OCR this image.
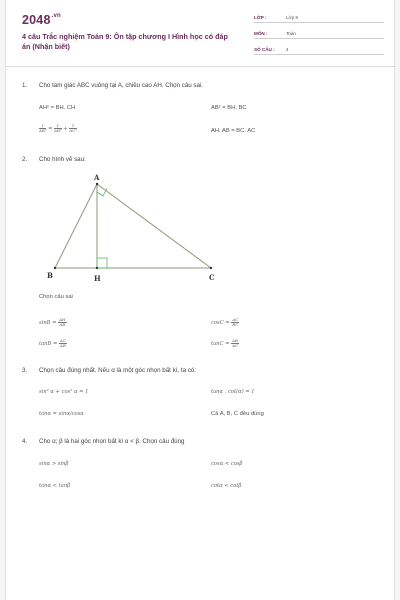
$2048^{.vn}$
4 câu Trắc nghiệm Toán 9: Ôn tập chương I Hình học có đáp án (Nhận biết)
LỚP :	Lớp 9
MÔN :	Toán
SỐ CÂU : 4
1. Cho tam giác ABC vuông tại A, chiều cao AH. Chọn câu sai.
AH² = BH. CH	AB² = BH. BC
$\frac{1}{\text{AB²}} = \frac{1}{\text{AB²}} + \frac{1}{\text{AC²}}$	AH. AB = BC. AC
2. Cho hình vẽ sau:
A
B	C
H
Chọn câu sai
$\sin B = \frac{AH}{AB}$	$\cos C = \frac{AC}{BC}$
$\tan B = \frac{AC}{AB}$	$\tan C = \frac{AB}{AC}$
3. Chọn câu đúng nhất. Nếu α là một góc nhọn bất kì, ta có:
sin² α + cos² α = 1	tanα . cot(α) = 1
tanα = sinα/cosα	Cả A, B, C đều đúng
4. Cho α; β là hai góc nhọn bất kì α < β. Chọn câu đúng
sinα > sinβ	cosα < cosβ
tanα < tanβ	cotα < cotβ
